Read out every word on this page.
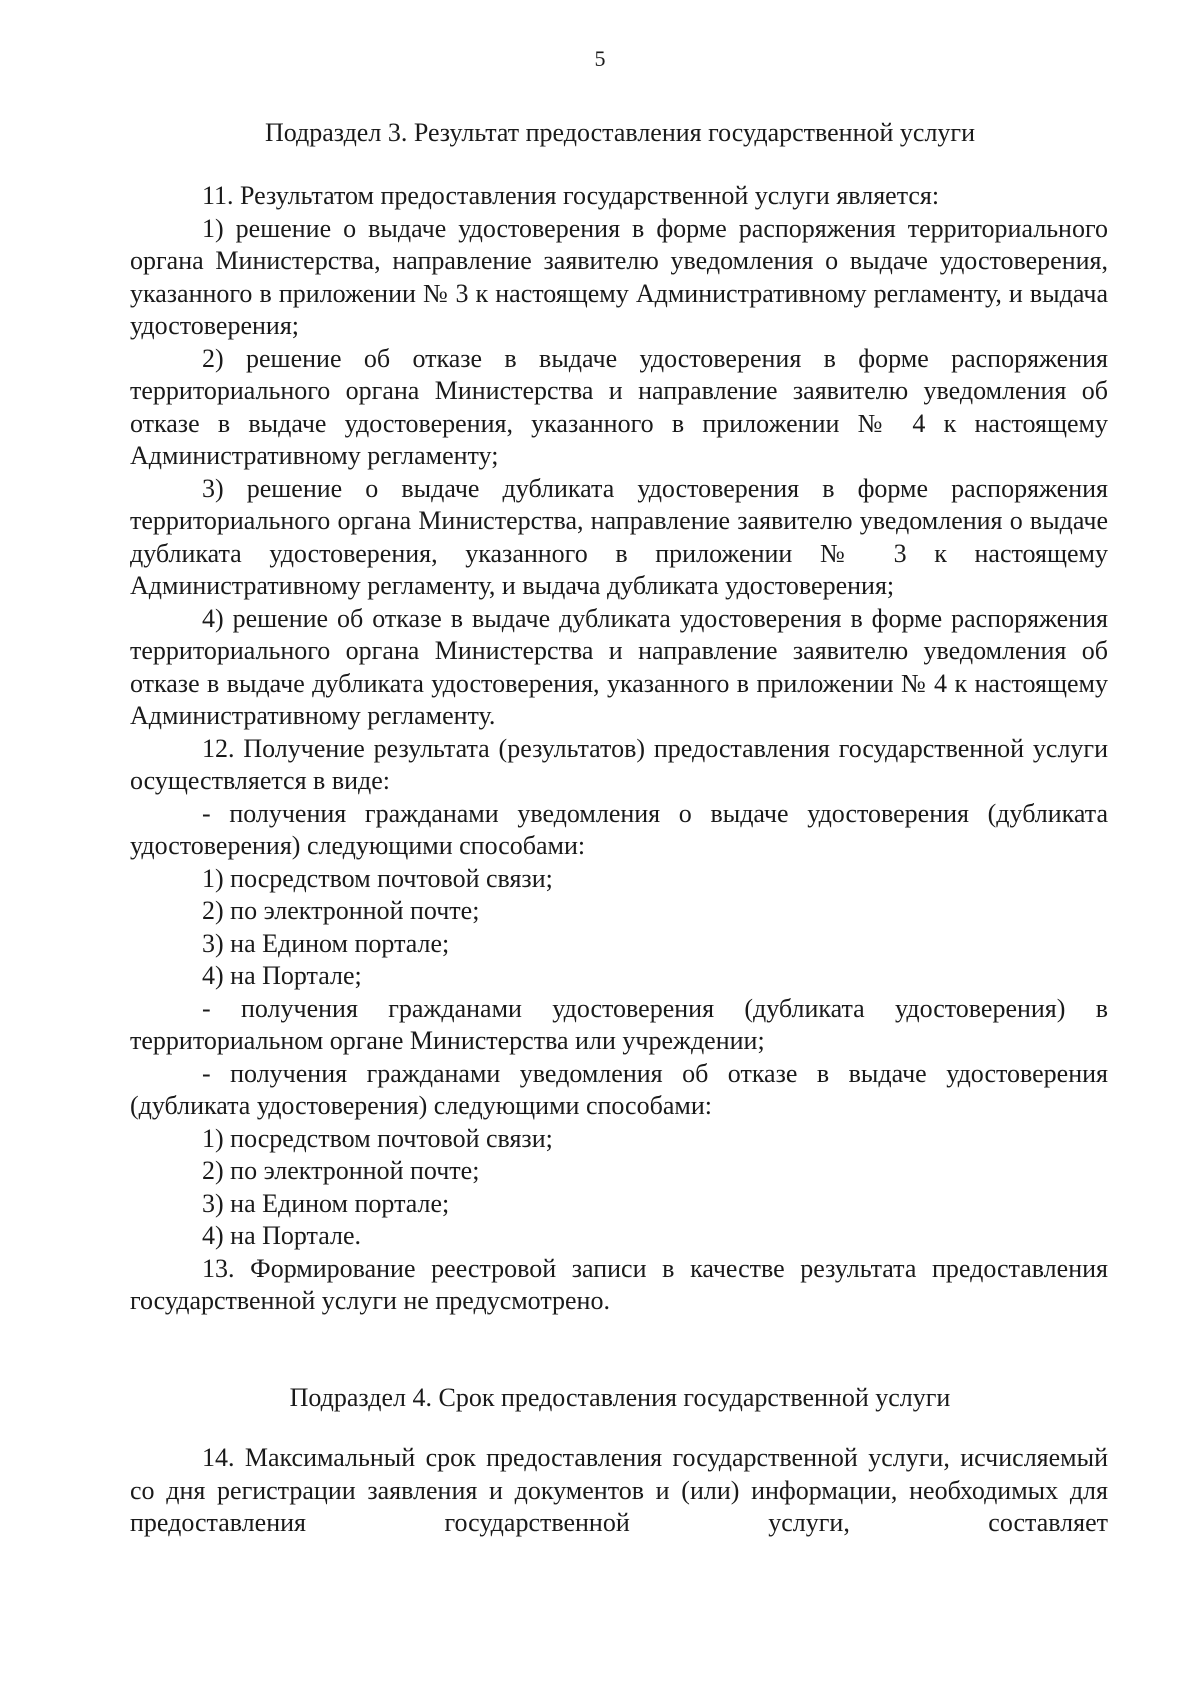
5
Подраздел 3. Результат предоставления государственной услуги

11. Результатом предоставления государственной услуги является:

1) решение о выдаче удостоверения в форме распоряжения территориального органа Министерства, направление заявителю уведомления о выдаче удостоверения, указанного в приложении № 3 к настоящему Административному регламенту, и выдача удостоверения;

2) решение об отказе в выдаче удостоверения в форме распоряжения территориального органа Министерства и направление заявителю уведомления об отказе в выдаче удостоверения, указанного в приложении № 4 к настоящему Административному регламенту;

3) решение о выдаче дубликата удостоверения в форме распоряжения территориального органа Министерства, направление заявителю уведомления о выдаче дубликата удостоверения, указанного в приложении № 3 к настоящему Административному регламенту, и выдача дубликата удостоверения;

4) решение об отказе в выдаче дубликата удостоверения в форме распоряжения территориального органа Министерства и направление заявителю уведомления об отказе в выдаче дубликата удостоверения, указанного в приложении № 4 к настоящему Административному регламенту.

12. Получение результата (результатов) предоставления государственной услуги осуществляется в виде:

- получения гражданами уведомления о выдаче удостоверения (дубликата удостоверения) следующими способами:

1) посредством почтовой связи;

2) по электронной почте;

3) на Едином портале;

4) на Портале;

- получения гражданами удостоверения (дубликата удостоверения) в территориальном органе Министерства или учреждении;

- получения гражданами уведомления об отказе в выдаче удостоверения (дубликата удостоверения) следующими способами:

1) посредством почтовой связи;

2) по электронной почте;

3) на Едином портале;

4) на Портале.

13. Формирование реестровой записи в качестве результата предоставления государственной услуги не предусмотрено.

Подраздел 4. Срок предоставления государственной услуги

14. Максимальный срок предоставления государственной услуги, исчисляемый со дня регистрации заявления и документов и (или) информации, необходимых для предоставления государственной услуги, составляет
